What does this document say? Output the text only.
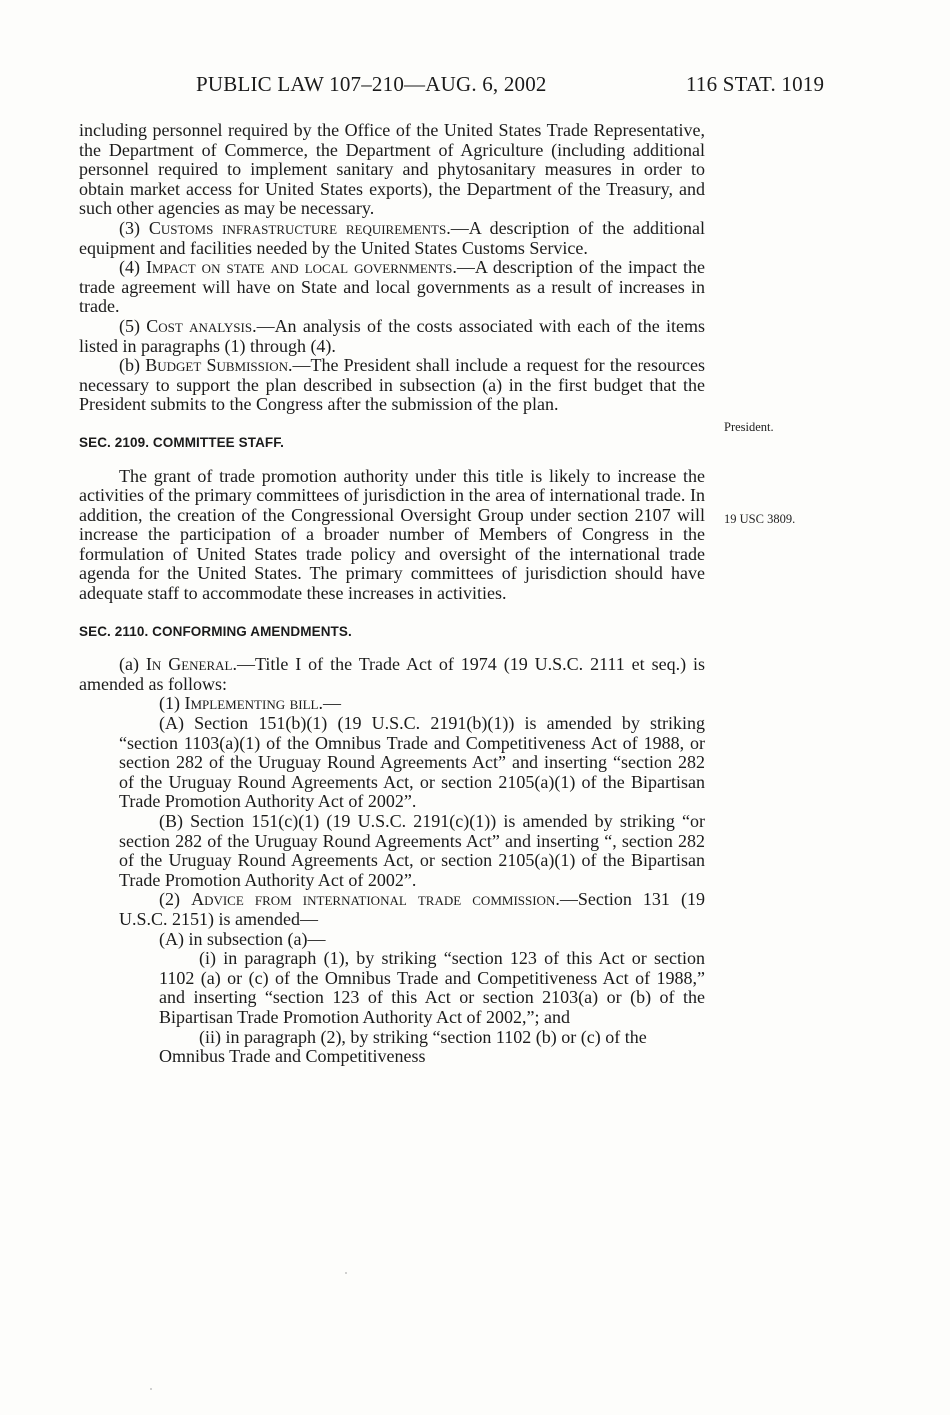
PUBLIC LAW 107–210—AUG. 6, 2002	116 STAT. 1019
President.
19 USC 3809.

including personnel required by the Office of the United States Trade Representative, the Department of Commerce, the Department of Agriculture (including additional personnel required to implement sanitary and phytosanitary measures in order to obtain market access for United States exports), the Department of the Treasury, and such other agencies as may be necessary.

(3) Customs infrastructure requirements.—A description of the additional equipment and facilities needed by the United States Customs Service.

(4) Impact on state and local governments.—A description of the impact the trade agreement will have on State and local governments as a result of increases in trade.

(5) Cost analysis.—An analysis of the costs associated with each of the items listed in paragraphs (1) through (4).

(b) Budget Submission.—The President shall include a request for the resources necessary to support the plan described in subsection (a) in the first budget that the President submits to the Congress after the submission of the plan.

SEC. 2109. COMMITTEE STAFF.

The grant of trade promotion authority under this title is likely to increase the activities of the primary committees of jurisdiction in the area of international trade. In addition, the creation of the Congressional Oversight Group under section 2107 will increase the participation of a broader number of Members of Congress in the formulation of United States trade policy and oversight of the international trade agenda for the United States. The primary committees of jurisdiction should have adequate staff to accommodate these increases in activities.

SEC. 2110. CONFORMING AMENDMENTS.

(a) In General.—Title I of the Trade Act of 1974 (19 U.S.C. 2111 et seq.) is amended as follows:

(1) Implementing bill.—

(A) Section 151(b)(1) (19 U.S.C. 2191(b)(1)) is amended by striking “section 1103(a)(1) of the Omnibus Trade and Competitiveness Act of 1988, or section 282 of the Uruguay Round Agreements Act” and inserting “section 282 of the Uruguay Round Agreements Act, or section 2105(a)(1) of the Bipartisan Trade Promotion Authority Act of 2002”.

(B) Section 151(c)(1) (19 U.S.C. 2191(c)(1)) is amended by striking “or section 282 of the Uruguay Round Agreements Act” and inserting “, section 282 of the Uruguay Round Agreements Act, or section 2105(a)(1) of the Bipartisan Trade Promotion Authority Act of 2002”.

(2) Advice from international trade commission.—Section 131 (19 U.S.C. 2151) is amended—

(A) in subsection (a)—

(i) in paragraph (1), by striking “section 123 of this Act or section 1102 (a) or (c) of the Omnibus Trade and Competitiveness Act of 1988,” and inserting “section 123 of this Act or section 2103(a) or (b) of the Bipartisan Trade Promotion Authority Act of 2002,”; and

(ii) in paragraph (2), by striking “section 1102 (b) or (c) of the Omnibus Trade and Competitiveness
